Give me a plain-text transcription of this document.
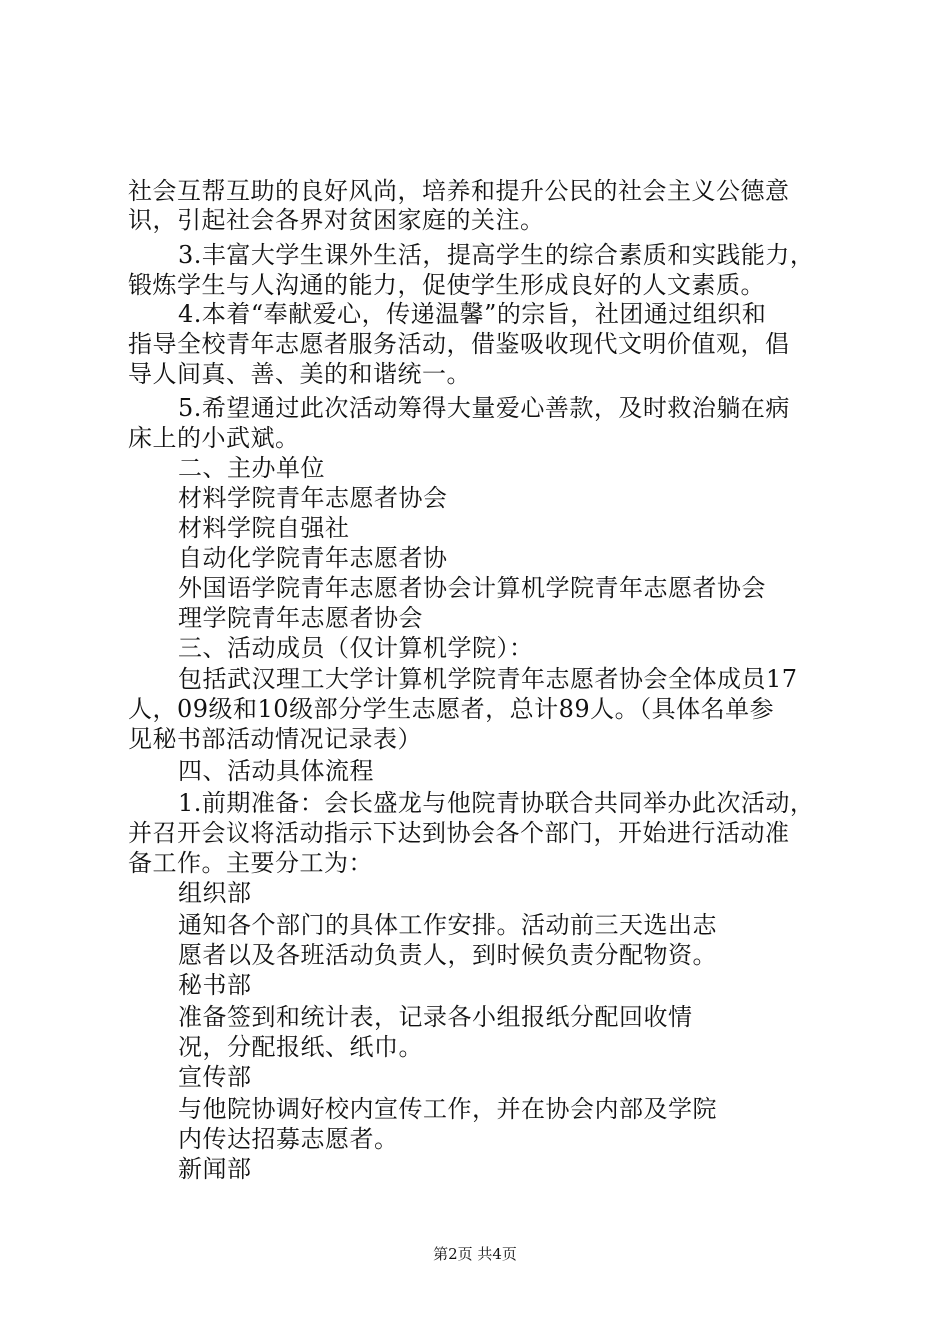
社会互帮互助的良好风尚，培养和提升公民的社会主义公德意
识，引起社会各界对贫困家庭的关注。
3.丰富大学生课外生活，提高学生的综合素质和实践能力，
锻炼学生与人沟通的能力，促使学生形成良好的人文素质。
4.本着“奉献爱心，传递温馨”的宗旨，社团通过组织和
指导全校青年志愿者服务活动，借鉴吸收现代文明价值观，倡
导人间真、善、美的和谐统一。
5.希望通过此次活动筹得大量爱心善款，及时救治躺在病
床上的小武斌。
二、主办单位
材料学院青年志愿者协会
材料学院自强社
自动化学院青年志愿者协
外国语学院青年志愿者协会计算机学院青年志愿者协会
理学院青年志愿者协会
三、活动成员（仅计算机学院）：
包括武汉理工大学计算机学院青年志愿者协会全体成员17
人，09级和10级部分学生志愿者，总计89人。（具体名单参
见秘书部活动情况记录表）
四、活动具体流程
1.前期准备：会长盛龙与他院青协联合共同举办此次活动，
并召开会议将活动指示下达到协会各个部门，开始进行活动准
备工作。主要分工为：
组织部
通知各个部门的具体工作安排。活动前三天选出志
愿者以及各班活动负责人，到时候负责分配物资。
秘书部
准备签到和统计表，记录各小组报纸分配回收情
况，分配报纸、纸巾。
宣传部
与他院协调好校内宣传工作，并在协会内部及学院
内传达招募志愿者。
新闻部
第2页 共4页
